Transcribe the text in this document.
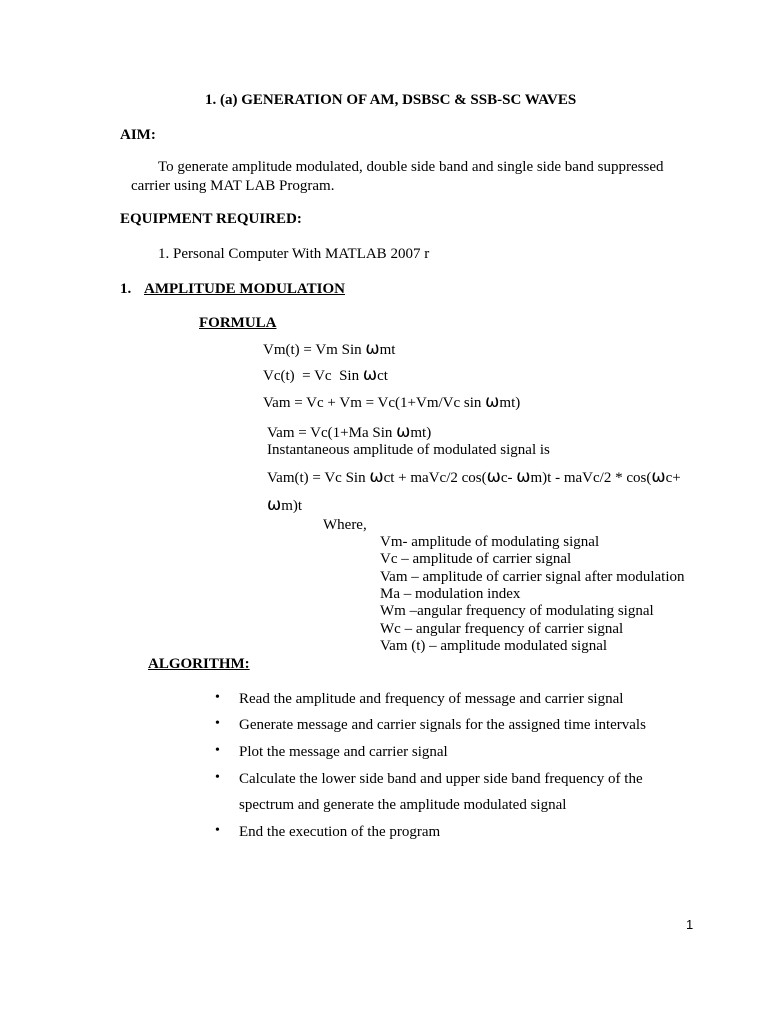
1. (a) GENERATION OF AM, DSBSC & SSB-SC WAVES
AIM:
To generate amplitude modulated, double side band and single side band suppressed
carrier using MAT LAB Program.
EQUIPMENT REQUIRED:
1. Personal Computer With MATLAB 2007 r
1. AMPLITUDE MODULATION
FORMULA
Vm(t) = Vm Sin ωmt
Vc(t)  = Vc  Sin ωct
Vam = Vc + Vm = Vc(1+Vm/Vc sin ωmt)
Vam = Vc(1+Ma Sin ωmt)
Instantaneous amplitude of modulated signal is
Vam(t) = Vc Sin ωct + maVc/2 cos(ωc- ωm)t - maVc/2 * cos(ωc+
ωm)t
Where,
Vm- amplitude of modulating signal
Vc – amplitude of carrier signal
Vam – amplitude of carrier signal after modulation
Ma – modulation index
Wm –angular frequency of modulating signal
Wc – angular frequency of carrier signal
Vam (t) – amplitude modulated signal
ALGORITHM:
• Read the amplitude and frequency of message and carrier signal
• Generate message and carrier signals for the assigned time intervals
• Plot the message and carrier signal
• Calculate the lower side band and upper side band frequency of the
spectrum and generate the amplitude modulated signal
• End the execution of the program
1
